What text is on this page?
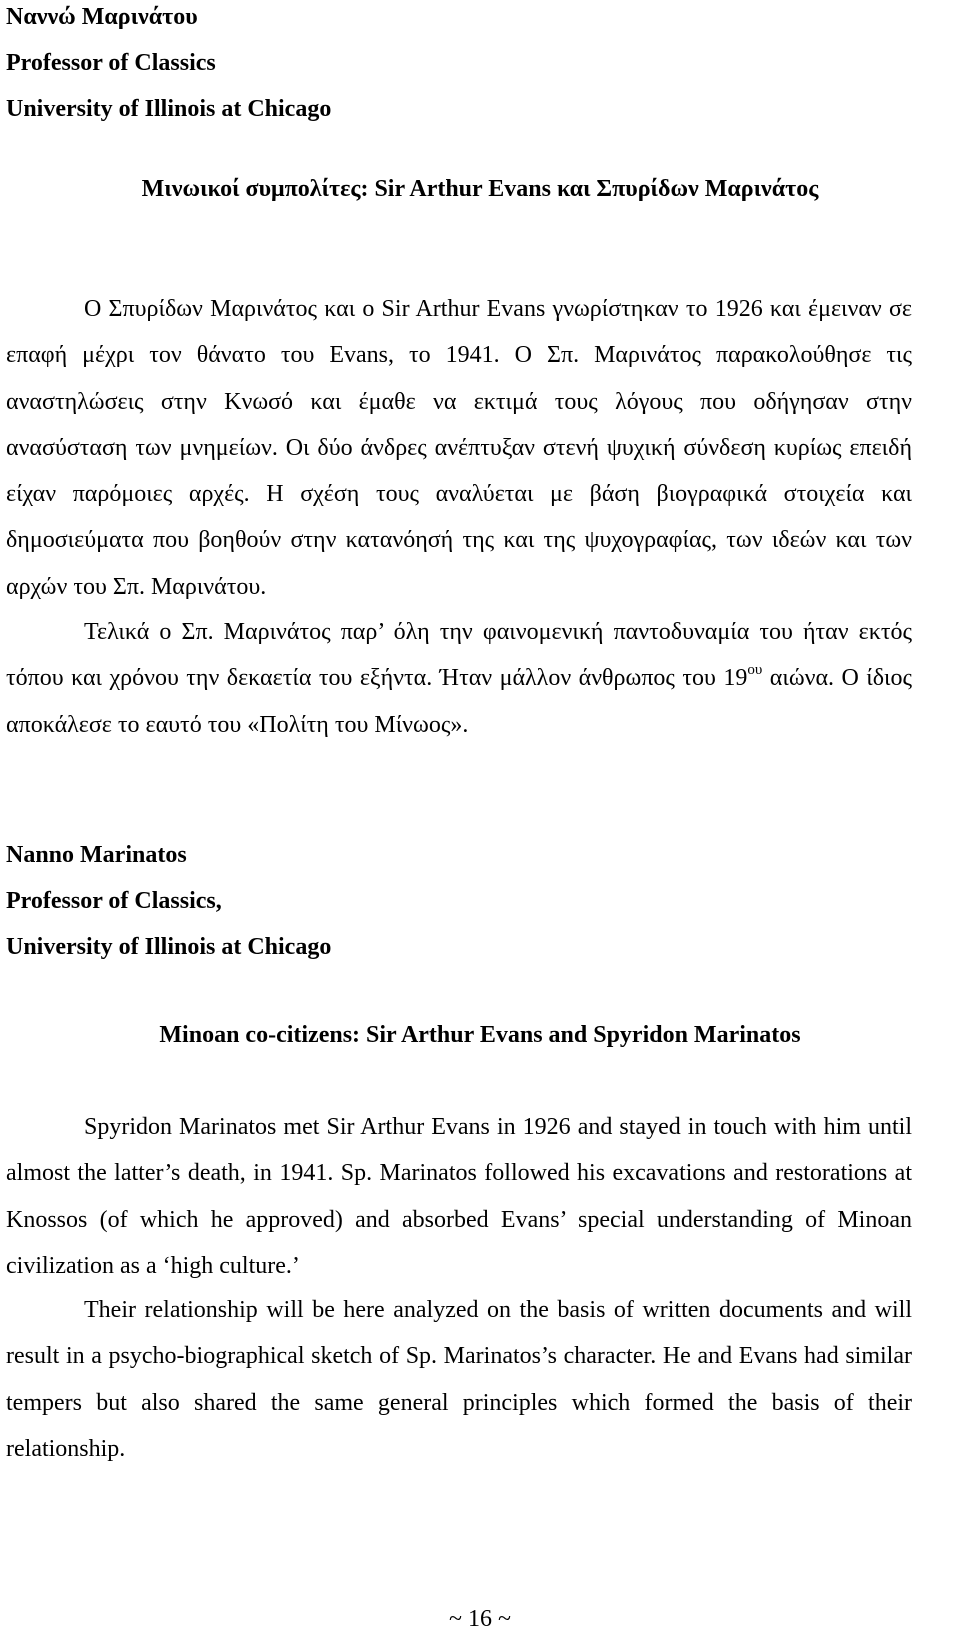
Ναννώ Μαρινάτου
Professor of Classics
University of Illinois at Chicago
Μινωικοί συμπολίτες: Sir Arthur Evans και Σπυρίδων Μαρινάτος

Ο Σπυρίδων Μαρινάτος και ο Sir Arthur Evans γνωρίστηκαν το 1926 και έμειναν σε επαφή μέχρι τον θάνατο του Evans, το 1941. Ο Σπ. Μαρινάτος παρακολούθησε τις αναστηλώσεις στην Κνωσό και έμαθε να εκτιμά τους λόγους που οδήγησαν στην ανασύσταση των μνημείων. Οι δύο άνδρες ανέπτυξαν στενή ψυχική σύνδεση κυρίως επειδή είχαν παρόμοιες αρχές. Η σχέση τους αναλύεται με βάση βιογραφικά στοιχεία και δημοσιεύματα που βοηθούν στην κατανόησή της και της ψυχογραφίας, των ιδεών και των αρχών του Σπ. Μαρινάτου.

Τελικά ο Σπ. Μαρινάτος παρ’ όλη την φαινομενική παντοδυναμία του ήταν εκτός τόπου και χρόνου την δεκαετία του εξήντα. Ήταν μάλλον άνθρωπος του $19^{o\upsilon}$ αιώνα. Ο ίδιος αποκάλεσε το εαυτό του «Πολίτη του Μίνωος».

Nanno Marinatos
Professor of Classics,
University of Illinois at Chicago
Minoan co-citizens: Sir Arthur Evans and Spyridon Marinatos

Spyridon Marinatos met Sir Arthur Evans in 1926 and stayed in touch with him until almost the latter’s death, in 1941. Sp. Marinatos followed his excavations and restorations at Knossos (of which he approved) and absorbed Evans’ special understanding of Minoan civilization as a ‘high culture.’

Their relationship will be here analyzed on the basis of written documents and will result in a psycho-biographical sketch of Sp. Marinatos’s character. He and Evans had similar tempers but also shared the same general principles which formed the basis of their relationship.

~ 16 ~
